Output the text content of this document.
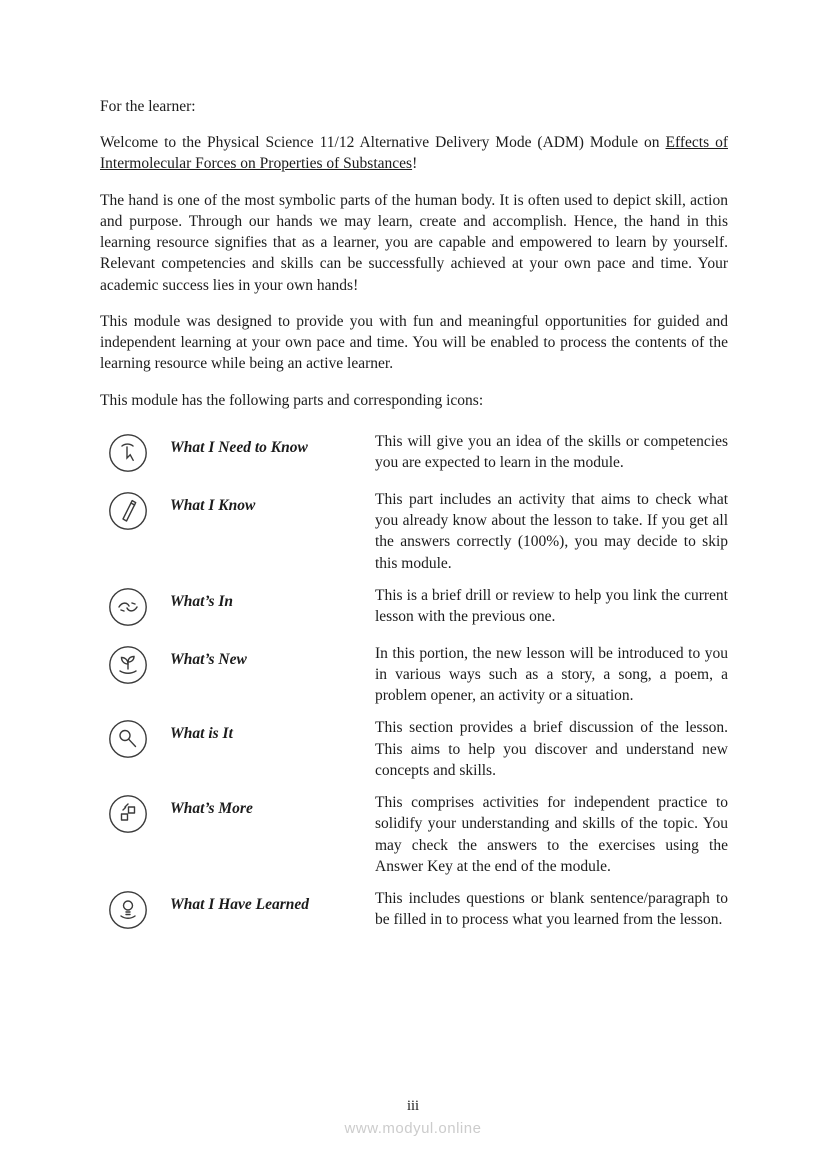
For the learner:

Welcome to the Physical Science 11/12 Alternative Delivery Mode (ADM) Module on Effects of Intermolecular Forces on Properties of Substances!

The hand is one of the most symbolic parts of the human body. It is often used to depict skill, action and purpose. Through our hands we may learn, create and accomplish. Hence, the hand in this learning resource signifies that as a learner, you are capable and empowered to learn by yourself. Relevant competencies and skills can be successfully achieved at your own pace and time. Your academic success lies in your own hands!

This module was designed to provide you with fun and meaningful opportunities for guided and independent learning at your own pace and time. You will be enabled to process the contents of the learning resource while being an active learner.

This module has the following parts and corresponding icons:

What I Need to Know	This will give you an idea of the skills or competencies you are expected to learn in the module.
What I Know	This part includes an activity that aims to check what you already know about the lesson to take. If you get all the answers correctly (100%), you may decide to skip this module.
What’s In	This is a brief drill or review to help you link the current lesson with the previous one.
What’s New	In this portion, the new lesson will be introduced to you in various ways such as a story, a song, a poem, a problem opener, an activity or a situation.
What is It	This section provides a brief discussion of the lesson. This aims to help you discover and understand new concepts and skills.
What’s More	This comprises activities for independent practice to solidify your understanding and skills of the topic. You may check the answers to the exercises using the Answer Key at the end of the module.
What I Have Learned	This includes questions or blank sentence/paragraph to be filled in to process what you learned from the lesson.
iii
www.modyul.online
